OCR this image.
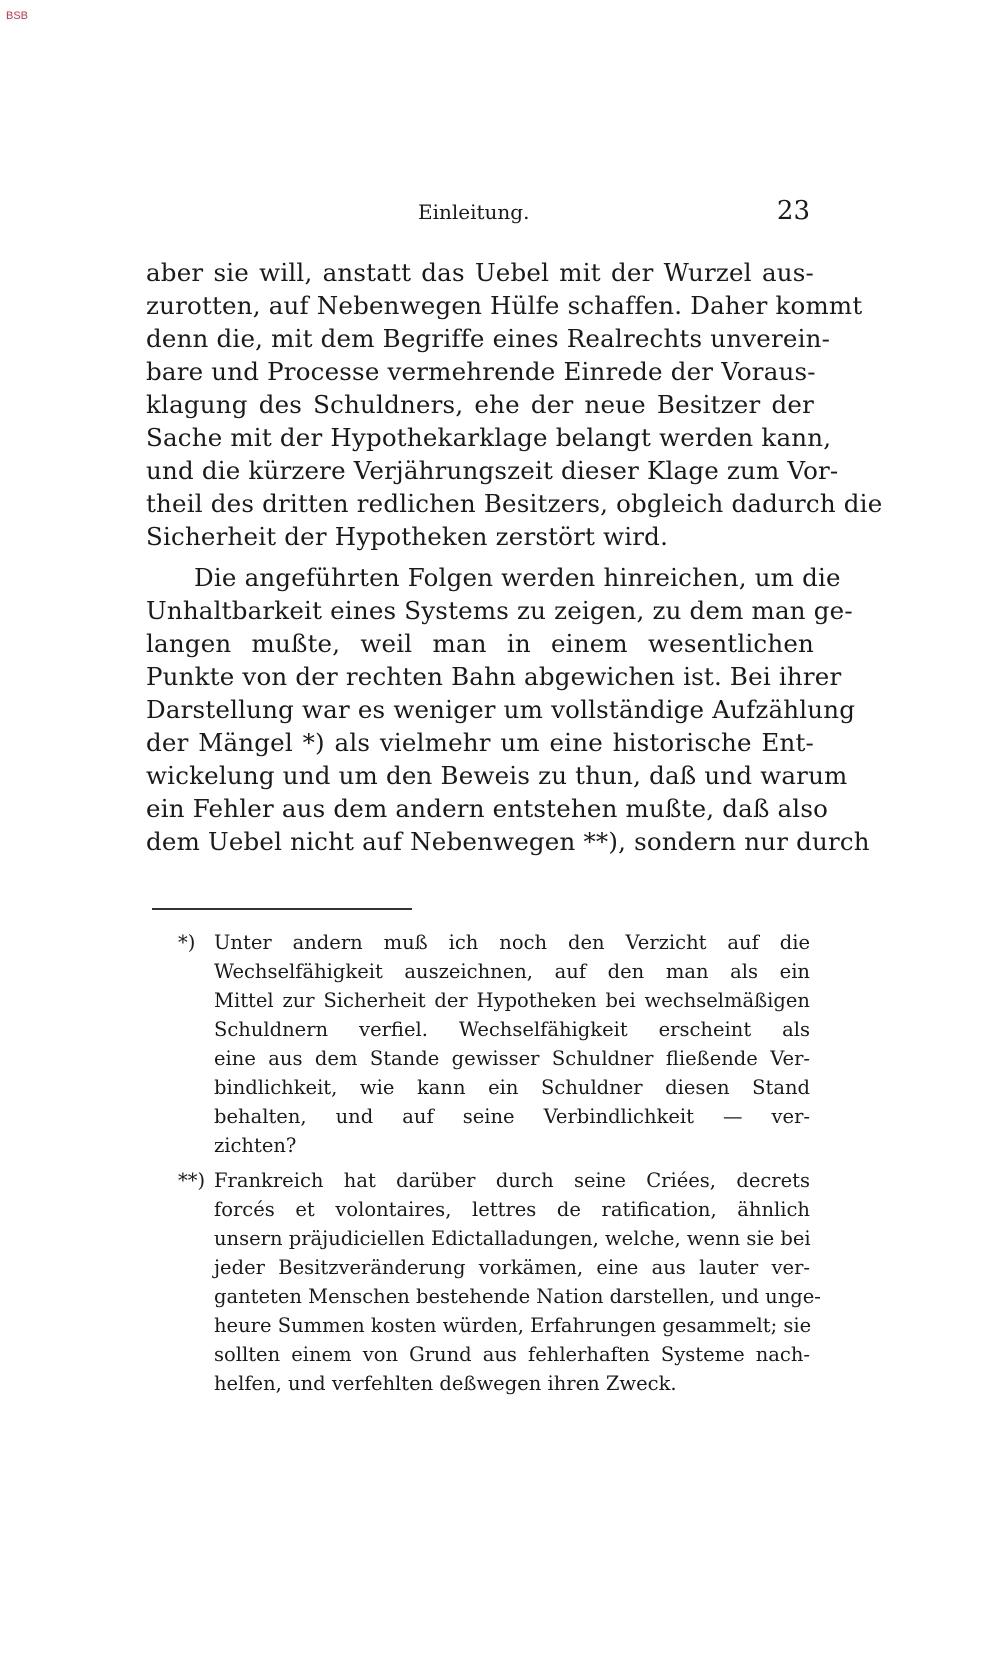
BSB
Einleitung.	23
aber sie will, anstatt das Uebel mit der Wurzel aus-
zurotten, auf Nebenwegen Hülfe schaffen. Daher kommt
denn die, mit dem Begriffe eines Realrechts unverein-
bare und Processe vermehrende Einrede der Voraus-
klagung des Schuldners, ehe der neue Besitzer der
Sache mit der Hypothekarklage belangt werden kann,
und die kürzere Verjährungszeit dieser Klage zum Vor-
theil des dritten redlichen Besitzers, obgleich dadurch die
Sicherheit der Hypotheken zerstört wird.
Die angeführten Folgen werden hinreichen, um die
Unhaltbarkeit eines Systems zu zeigen, zu dem man ge-
langen mußte, weil man in einem wesentlichen
Punkte von der rechten Bahn abgewichen ist. Bei ihrer
Darstellung war es weniger um vollständige Aufzählung
der Mängel *) als vielmehr um eine historische Ent-
wickelung und um den Beweis zu thun, daß und warum
ein Fehler aus dem andern entstehen mußte, daß also
dem Uebel nicht auf Nebenwegen **), sondern nur durch
*) Unter andern muß ich noch den Verzicht auf die
Wechselfähigkeit auszeichnen, auf den man als ein
Mittel zur Sicherheit der Hypotheken bei wechselmäßigen
Schuldnern verfiel. Wechselfähigkeit erscheint als
eine aus dem Stande gewisser Schuldner fließende Ver-
bindlichkeit, wie kann ein Schuldner diesen Stand
behalten, und auf seine Verbindlichkeit — ver-
zichten?
**) Frankreich hat darüber durch seine Criées, decrets
forcés et volontaires, lettres de ratification, ähnlich
unsern präjudiciellen Edictalladungen, welche, wenn sie bei
jeder Besitzveränderung vorkämen, eine aus lauter ver-
ganteten Menschen bestehende Nation darstellen, und unge-
heure Summen kosten würden, Erfahrungen gesammelt; sie
sollten einem von Grund aus fehlerhaften Systeme nach-
helfen, und verfehlten deßwegen ihren Zweck.
